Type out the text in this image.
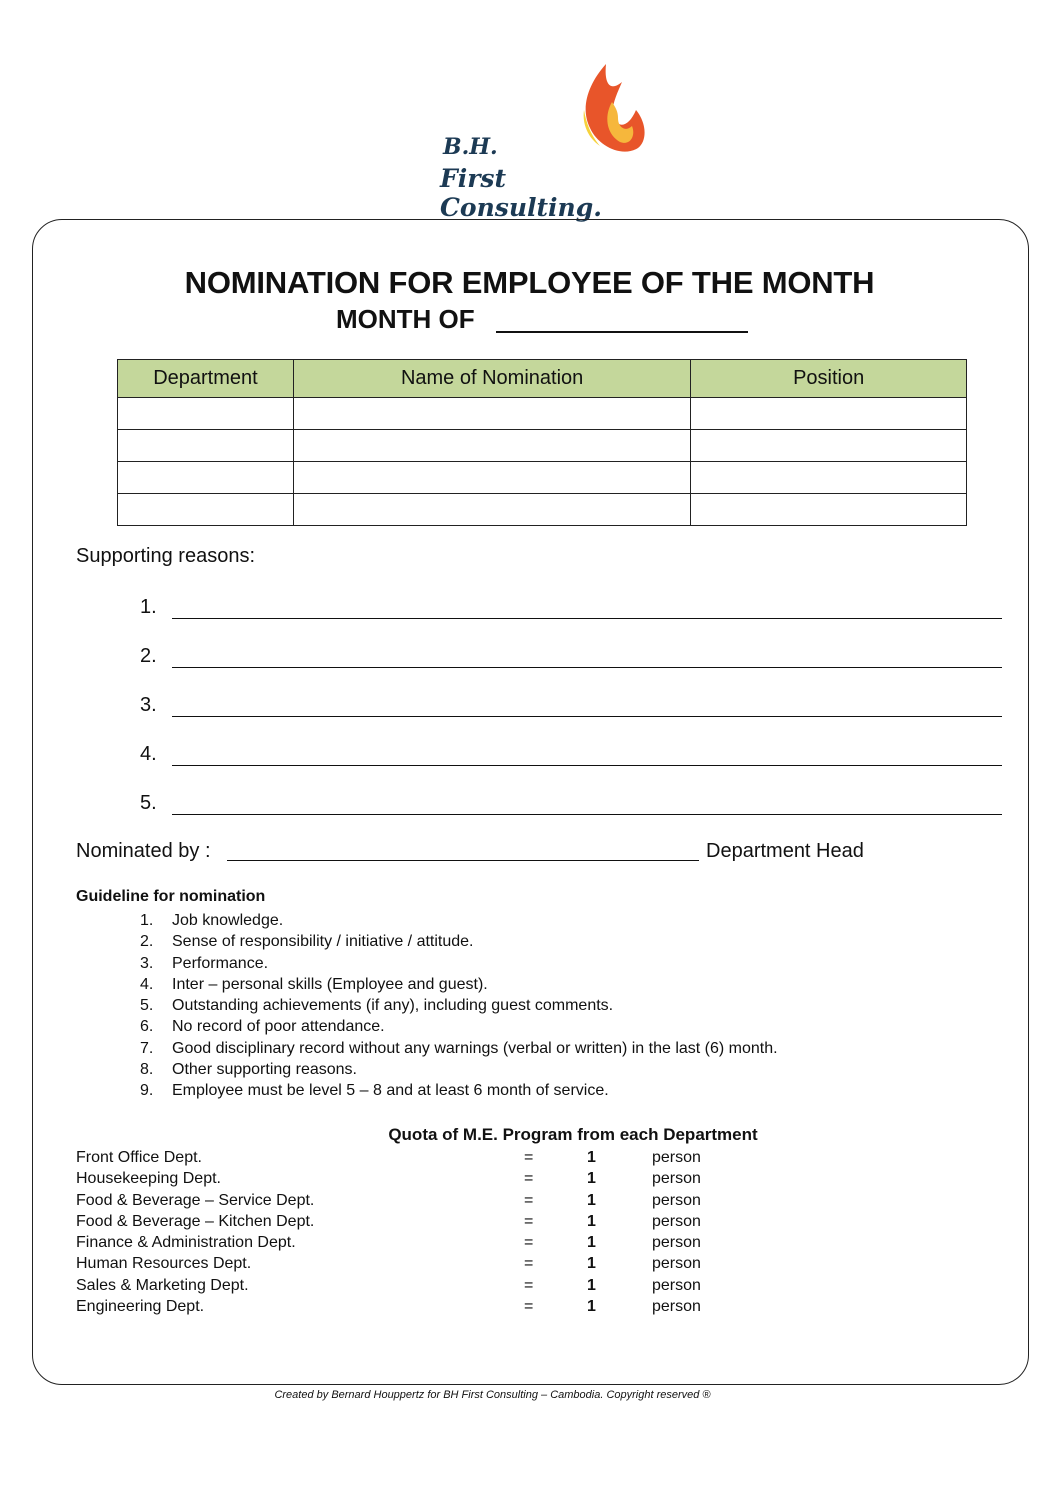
B.H.
First Consulting.
NOMINATION FOR EMPLOYEE OF THE MONTH
MONTH OF
Department	Name of Nomination	Position

Supporting reasons:
1.
2.
3.
4.
5.
Nominated by :	Department Head
Guideline for nomination
1. Job knowledge.
2. Sense of responsibility / initiative / attitude.
3. Performance.
4. Inter – personal skills (Employee and guest).
5. Outstanding achievements (if any), including guest comments.
6. No record of poor attendance.
7. Good disciplinary record without any warnings (verbal or written) in the last (6) month.
8. Other supporting reasons.
9. Employee must be level 5 – 8 and at least 6 month of service.
Quota of M.E. Program from each Department
Front Office Dept.	=	1	person
Housekeeping Dept.	=	1	person
Food & Beverage – Service Dept.	=	1	person
Food & Beverage – Kitchen Dept.	=	1	person
Finance & Administration Dept.	=	1	person
Human Resources Dept.	=	1	person
Sales & Marketing Dept.	=	1	person
Engineering Dept.	=	1	person
Created by Bernard Houppertz for BH First Consulting – Cambodia. Copyright reserved ®
